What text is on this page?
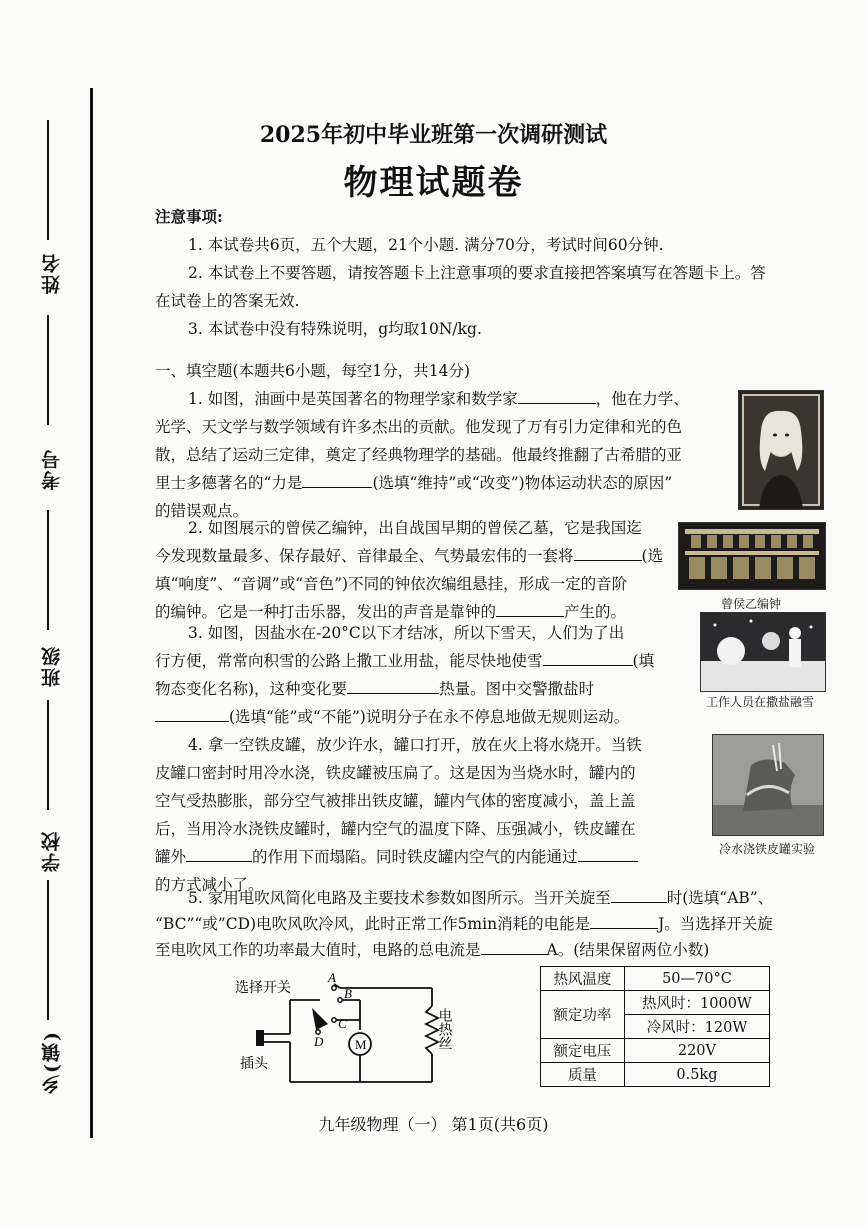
姓名
考号
班级
学校
乡(镇)
2025年初中毕业班第一次调研测试
物理试题卷
注意事项:
1. 本试卷共6页，五个大题，21个小题. 满分70分，考试时间60分钟.
2. 本试卷上不要答题，请按答题卡上注意事项的要求直接把答案填写在答题卡上。答
在试卷上的答案无效.
3. 本试卷中没有特殊说明，g均取10N/kg.
一、填空题(本题共6小题，每空1分，共14分)
1. 如图，油画中是英国著名的物理学家和数学家	，他在力学、
光学、天文学与数学领域有许多杰出的贡献。他发现了万有引力定律和光的色
散，总结了运动三定律，奠定了经典物理学的基础。他最终推翻了古希腊的亚
里士多德著名的“力是	(选填“维持”或“改变”)物体运动状态的原因”
的错误观点。
2. 如图展示的曾侯乙编钟，出自战国早期的曾侯乙墓，它是我国迄
今发现数量最多、保存最好、音律最全、气势最宏伟的一套将	(选
填“响度”、“音调”或“音色”)不同的钟依次编组悬挂，形成一定的音阶
的编钟。它是一种打击乐器，发出的声音是靠钟的	产生的。	曾侯乙编钟
3. 如图，因盐水在-20°C以下才结冰，所以下雪天，人们为了出
行方便，常常向积雪的公路上撒工业用盐，能尽快地使雪	(填
物态变化名称)，这种变化要	热量。图中交警撒盐时
(选填“能”或“不能”)说明分子在永不停息地做无规则运动。
工作人员在撒盐融雪
4. 拿一空铁皮罐，放少许水，罐口打开，放在火上将水烧开。当铁
皮罐口密封时用冷水浇，铁皮罐被压扁了。这是因为当烧水时，罐内的
空气受热膨胀，部分空气被排出铁皮罐，罐内气体的密度减小，盖上盖
后，当用冷水浇铁皮罐时，罐内空气的温度下降、压强减小，铁皮罐在
罐外	的作用下而塌陷。同时铁皮罐内空气的内能通过
的方式减小了。
冷水浇铁皮罐实验
5. 家用电吹风简化电路及主要技术参数如图所示。当开关旋至	时(选填“AB”、
“BC”“或”CD)电吹风吹冷风，此时正常工作5min消耗的电能是	J。当选择开关旋
至电吹风工作的功率最大值时，电路的总电流是	A。(结果保留两位小数)
选择开关
插头
A
B
C
D M	电热丝
热风温度	50—70°C
额定功率	热风时：1000W
	冷风时：120W
额定电压	220V
质量	0.5kg
九年级物理（一） 第1页(共6页)
